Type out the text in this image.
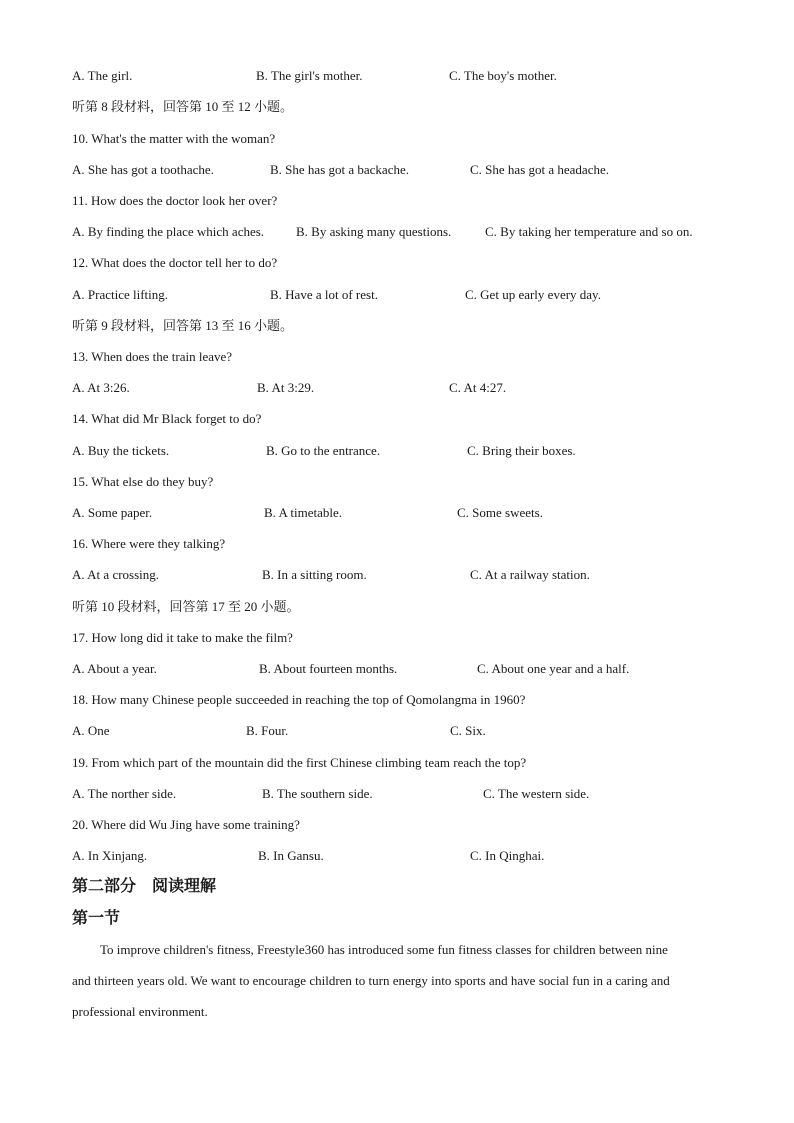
A. The girl.	B. The girl's mother.	C. The boy's mother.
听第 8 段材料，回答第 10 至 12 小题。
10. What's the matter with the woman?
A. She has got a toothache.	B. She has got a backache.	C. She has got a headache.
11. How does the doctor look her over?
A. By finding the place which aches. B. By asking many questions.	C. By taking her temperature and so on.
12. What does the doctor tell her to do?
A. Practice lifting.	B. Have a lot of rest.	C. Get up early every day.
听第 9 段材料，回答第 13 至 16 小题。
13. When does the train leave?
A. At 3:26.	B. At 3:29.	C. At 4:27.
14. What did Mr Black forget to do?
A. Buy the tickets.	B. Go to the entrance.	C. Bring their boxes.
15. What else do they buy?
A. Some paper.	B. A timetable.	C. Some sweets.
16. Where were they talking?
A. At a crossing.	B. In a sitting room.	C. At a railway station.
听第 10 段材料，回答第 17 至 20 小题。
17. How long did it take to make the film?
A. About a year.	B. About fourteen months.	C. About one year and a half.
18. How many Chinese people succeeded in reaching the top of Qomolangma in 1960?
A. One	B. Four.	C. Six.
19. From which part of the mountain did the first Chinese climbing team reach the top?
A. The norther side.	B. The southern side.	C. The western side.
20. Where did Wu Jing have some training?
A. In Xinjang.	B. In Gansu.	C. In Qinghai.
第二部分　阅读理解
第一节
To improve children's fitness, Freestyle360 has introduced some fun fitness classes for children between nine
and thirteen years old. We want to encourage children to turn energy into sports and have social fun in a caring and
professional environment.
